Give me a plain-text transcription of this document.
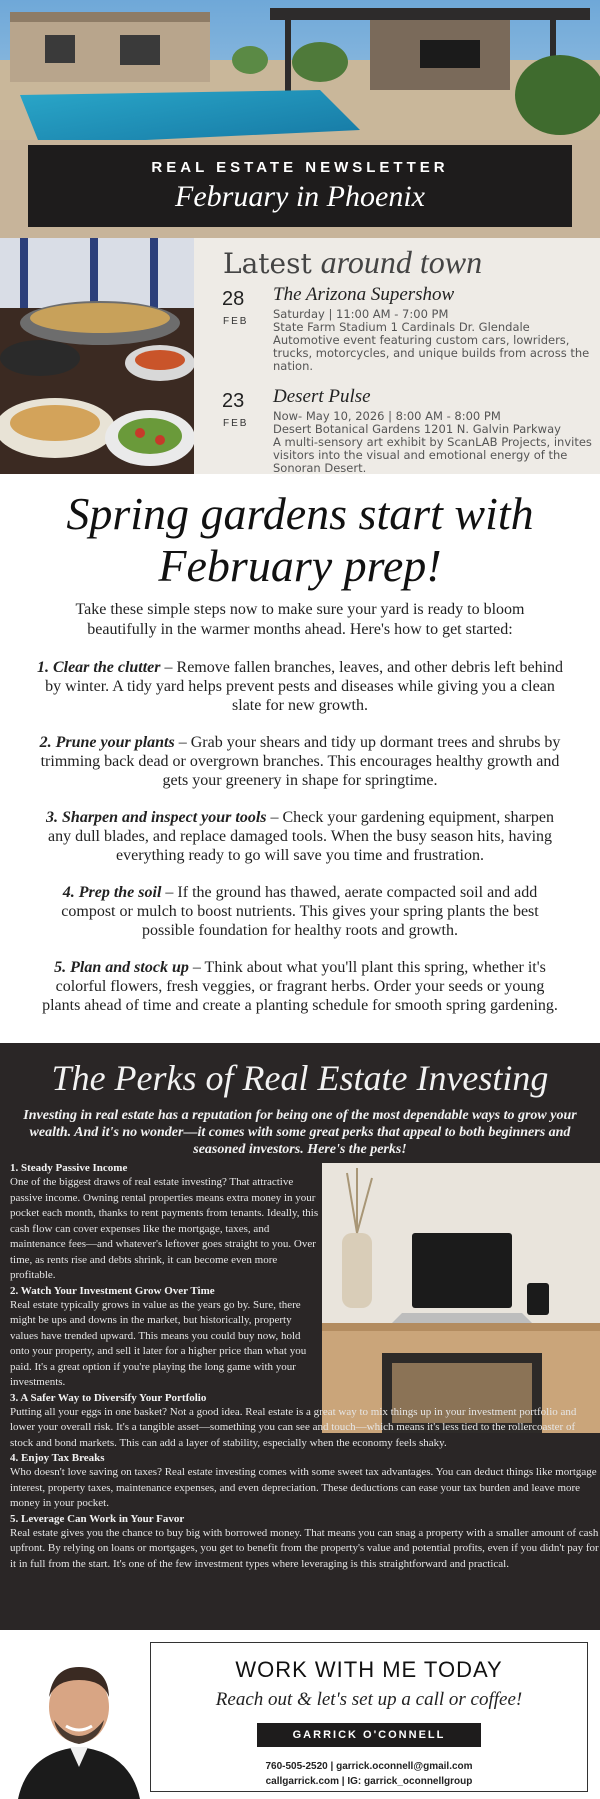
REAL ESTATE NEWSLETTER
February in Phoenix
Latest around town
28
FEB
The Arizona Supershow
Saturday | 11:00 AM - 7:00 PM
State Farm Stadium 1 Cardinals Dr. Glendale
Automotive event featuring custom cars, lowriders, trucks, motorcycles, and unique builds from across the nation.
23
FEB
Desert Pulse
Now- May 10, 2026 | 8:00 AM - 8:00 PM
Desert Botanical Gardens 1201 N. Galvin Parkway
A multi-sensory art exhibit by ScanLAB Projects, invites visitors into the visual and emotional energy of the Sonoran Desert.
Spring gardens start with
February prep!

Take these simple steps now to make sure your yard is ready to bloom beautifully in the warmer months ahead. Here's how to get started:

1. Clear the clutter – Remove fallen branches, leaves, and other debris left behind by winter. A tidy yard helps prevent pests and diseases while giving you a clean slate for new growth.

2. Prune your plants – Grab your shears and tidy up dormant trees and shrubs by trimming back dead or overgrown branches. This encourages healthy growth and gets your greenery in shape for springtime.

3. Sharpen and inspect your tools – Check your gardening equipment, sharpen any dull blades, and replace damaged tools. When the busy season hits, having everything ready to go will save you time and frustration.

4. Prep the soil – If the ground has thawed, aerate compacted soil and add compost or mulch to boost nutrients. This gives your spring plants the best possible foundation for healthy roots and growth.

5. Plan and stock up – Think about what you'll plant this spring, whether it's colorful flowers, fresh veggies, or fragrant herbs. Order your seeds or young plants ahead of time and create a planting schedule for smooth spring gardening.

The Perks of Real Estate Investing

Investing in real estate has a reputation for being one of the most dependable ways to grow your wealth. And it's no wonder—it comes with some great perks that appeal to both beginners and seasoned investors. Here's the perks!

1. Steady Passive Income
One of the biggest draws of real estate investing? That attractive passive income. Owning rental properties means extra money in your pocket each month, thanks to rent payments from tenants. Ideally, this cash flow can cover expenses like the mortgage, taxes, and maintenance fees—and whatever's leftover goes straight to you. Over time, as rents rise and debts shrink, it can become even more profitable.
2. Watch Your Investment Grow Over Time
Real estate typically grows in value as the years go by. Sure, there might be ups and downs in the market, but historically, property values have trended upward. This means you could buy now, hold onto your property, and sell it later for a higher price than what you paid. It's a great option if you're playing the long game with your investments.
3. A Safer Way to Diversify Your Portfolio
Putting all your eggs in one basket? Not a good idea. Real estate is a great way to mix things up in your investment portfolio and lower your overall risk. It's a tangible asset—something you can see and touch—which means it's less tied to the rollercoaster of stock and bond markets. This can add a layer of stability, especially when the economy feels shaky.
4. Enjoy Tax Breaks
Who doesn't love saving on taxes? Real estate investing comes with some sweet tax advantages. You can deduct things like mortgage interest, property taxes, maintenance expenses, and even depreciation. These deductions can ease your tax burden and leave more money in your pocket.
5. Leverage Can Work in Your Favor
Real estate gives you the chance to buy big with borrowed money. That means you can snag a property with a smaller amount of cash upfront. By relying on loans or mortgages, you get to benefit from the property's value and potential profits, even if you didn't pay for it in full from the start. It's one of the few investment types where leveraging is this straightforward and practical.
WORK WITH ME TODAY
Reach out & let's set up a call or coffee!
GARRICK O'CONNELL
760-505-2520 | garrick.oconnell@gmail.com
callgarrick.com | IG: garrick_oconnellgroup
